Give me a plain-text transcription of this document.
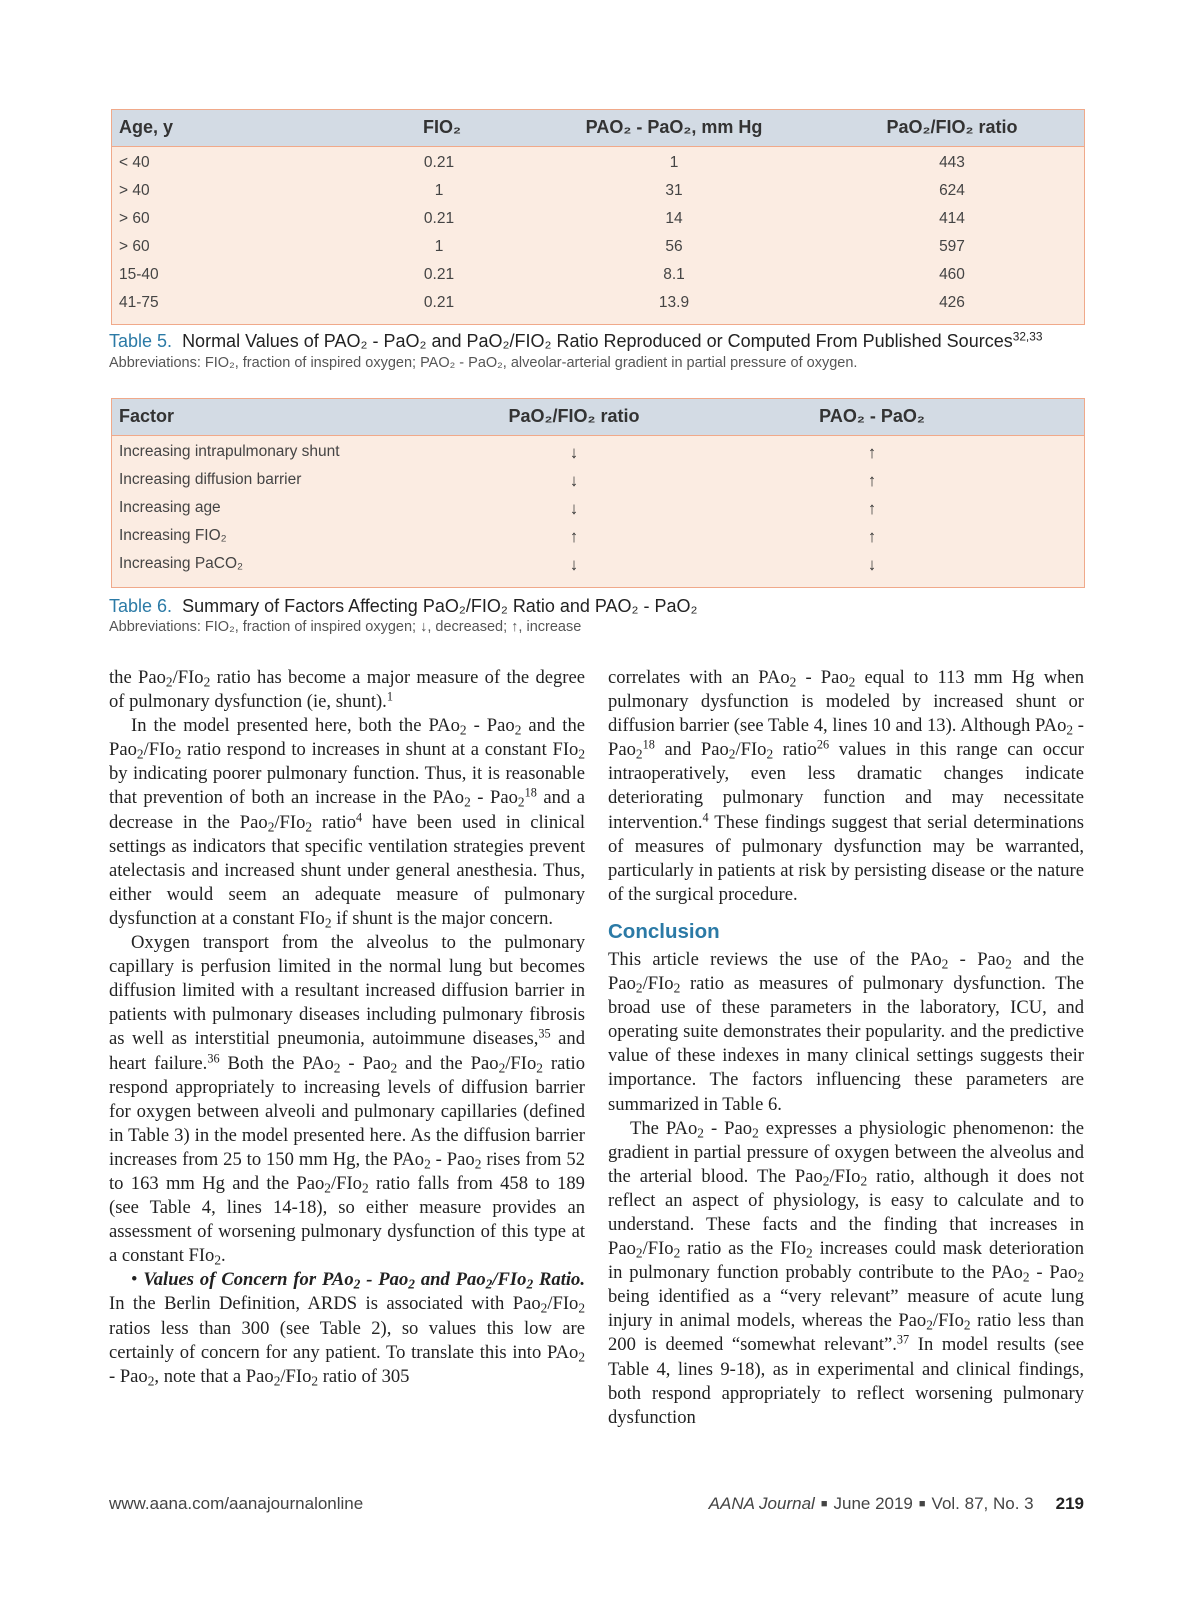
Age, y	FIO₂	PAO₂ - PaO₂, mm Hg	PaO₂/FIO₂ ratio
< 40	0.21	1	443
> 40	1	31	624
> 60	0.21	14	414
> 60	1	56	597
15-40	0.21	8.1	460
41-75	0.21	13.9	426
Table 5. Normal Values of PAO₂ - PaO₂ and PaO₂/FIO₂ Ratio Reproduced or Computed From Published Sources$^{32,33}$
Abbreviations: FIO₂, fraction of inspired oxygen; PAO₂ - PaO₂, alveolar-arterial gradient in partial pressure of oxygen.
Factor	PaO₂/FIO₂ ratio	PAO₂ - PaO₂
Increasing intrapulmonary shunt	↓	↑
Increasing diffusion barrier	↓	↑
Increasing age	↓	↑
Increasing FIO₂	↑	↑
Increasing PaCO₂	↓	↓
Table 6. Summary of Factors Affecting PaO₂/FIO₂ Ratio and PAO₂ - PaO₂
Abbreviations: FIO₂, fraction of inspired oxygen; ↓, decreased; ↑, increase

the Pao$_2$/FIo$_2$ ratio has become a major measure of the degree of pulmonary dysfunction (ie, shunt).$^1$

In the model presented here, both the PAo$_2$ - Pao$_2$ and the Pao$_2$/FIo$_2$ ratio respond to increases in shunt at a constant FIo$_2$ by indicating poorer pulmonary function. Thus, it is reasonable that prevention of both an increase in the PAo$_2$ - Pao$_2^{18}$ and a decrease in the Pao$_2$/FIo$_2$ ratio$^4$ have been used in clinical settings as indicators that specific ventilation strategies prevent atelectasis and increased shunt under general anesthesia. Thus, either would seem an adequate measure of pulmonary dysfunction at a constant FIo$_2$ if shunt is the major concern.

Oxygen transport from the alveolus to the pulmonary capillary is perfusion limited in the normal lung but becomes diffusion limited with a resultant increased diffusion barrier in patients with pulmonary diseases including pulmonary fibrosis as well as interstitial pneumonia, autoimmune diseases,$^{35}$ and heart failure.$^{36}$ Both the PAo$_2$ - Pao$_2$ and the Pao$_2$/FIo$_2$ ratio respond appropriately to increasing levels of diffusion barrier for oxygen between alveoli and pulmonary capillaries (defined in Table 3) in the model presented here. As the diffusion barrier increases from 25 to 150 mm Hg, the PAo$_2$ - Pao$_2$ rises from 52 to 163 mm Hg and the Pao$_2$/FIo$_2$ ratio falls from 458 to 189 (see Table 4, lines 14-18), so either measure provides an assessment of worsening pulmonary dysfunction of this type at a constant FIo$_2$.

• Values of Concern for PAo$_2$ - Pao$_2$ and Pao$_2$/FIo$_2$ Ratio. In the Berlin Definition, ARDS is associated with Pao$_2$/FIo$_2$ ratios less than 300 (see Table 2), so values this low are certainly of concern for any patient. To translate this into PAo$_2$ - Pao$_2$, note that a Pao$_2$/FIo$_2$ ratio of 305

correlates with an PAo$_2$ - Pao$_2$ equal to 113 mm Hg when pulmonary dysfunction is modeled by increased shunt or diffusion barrier (see Table 4, lines 10 and 13). Although PAo$_2$ - Pao$_2^{18}$ and Pao$_2$/FIo$_2$ ratio$^{26}$ values in this range can occur intraoperatively, even less dramatic changes indicate deteriorating pulmonary function and may necessitate intervention.$^4$ These findings suggest that serial determinations of measures of pulmonary dysfunction may be warranted, particularly in patients at risk by persisting disease or the nature of the surgical procedure.

Conclusion

This article reviews the use of the PAo$_2$ - Pao$_2$ and the Pao$_2$/FIo$_2$ ratio as measures of pulmonary dysfunction. The broad use of these parameters in the laboratory, ICU, and operating suite demonstrates their popularity. and the predictive value of these indexes in many clinical settings suggests their importance. The factors influencing these parameters are summarized in Table 6.

The PAo$_2$ - Pao$_2$ expresses a physiologic phenomenon: the gradient in partial pressure of oxygen between the alveolus and the arterial blood. The Pao$_2$/FIo$_2$ ratio, although it does not reflect an aspect of physiology, is easy to calculate and to understand. These facts and the finding that increases in Pao$_2$/FIo$_2$ ratio as the FIo$_2$ increases could mask deterioration in pulmonary function probably contribute to the PAo$_2$ - Pao$_2$ being identified as a “very relevant” measure of acute lung injury in animal models, whereas the Pao$_2$/FIo$_2$ ratio less than 200 is deemed “somewhat relevant”.$^{37}$ In model results (see Table 4, lines 9-18), as in experimental and clinical findings, both respond appropriately to reflect worsening pulmonary dysfunction

www.aana.com/aanajournalonline	AANA Journal ■ June 2019 ■ Vol. 87, No. 3 219
